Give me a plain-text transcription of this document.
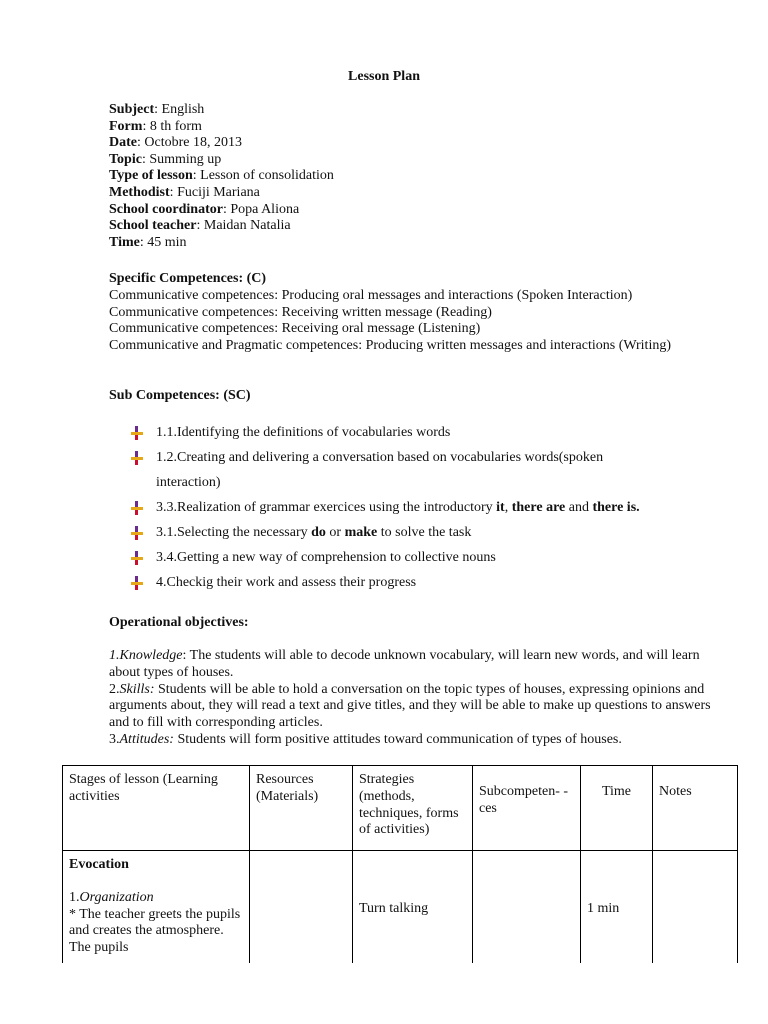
Lesson Plan
Subject: English
Form: 8 th form
Date: Octobre 18, 2013
Topic: Summing up
Type of lesson: Lesson of consolidation
Methodist: Fuciji Mariana
School coordinator: Popa Aliona
School teacher: Maidan Natalia
Time: 45 min
Specific Competences: (C)
Communicative competences: Producing oral messages and interactions (Spoken Interaction)
Communicative competences: Receiving written message (Reading)
Communicative competences: Receiving oral message (Listening)
Communicative and Pragmatic competences: Producing written messages and interactions (Writing)
Sub Competences: (SC)
1.1.Identifying the definitions of vocabularies words
1.2.Creating and delivering a conversation based on vocabularies words(spoken
interaction)
3.3.Realization of grammar exercices using the introductory it, there are and there is.
3.1.Selecting the necessary do or make to solve the task
3.4.Getting a new way of comprehension to collective nouns
4.Checkig their work and assess their progress
Operational objectives:

1.Knowledge: The students will able to decode unknown vocabulary, will learn new words, and will learn about types of houses.

2.Skills: Students will be able to hold a conversation on the topic types of houses, expressing opinions and arguments about, they will read a text and give titles, and they will be able to make up questions to answers and to fill with corresponding articles.

3.Attitudes: Students will form positive attitudes toward communication of types of houses.

Stages of lesson (Learning activities	Resources (Materials)	Strategies (methods, techniques, forms of activities)	Subcompeten- -ces	Time	Notes

Evocation
1.Organization
* The teacher greets the pupils and creates the atmosphere. The pupils		Turn talking		1 min	
